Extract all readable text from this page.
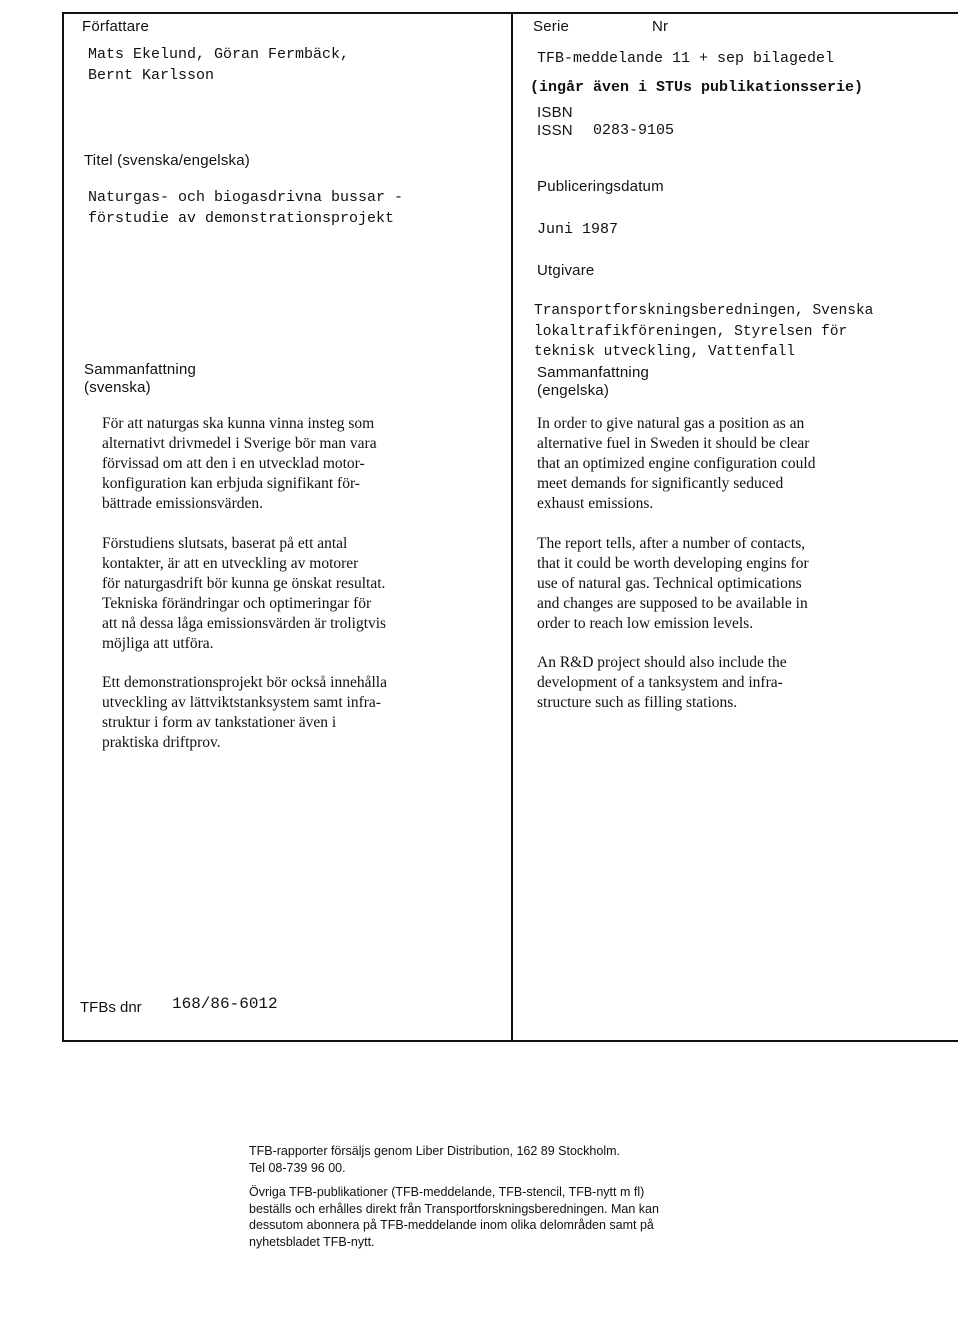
Författare
Mats Ekelund, Göran Fermbäck,
Bernt Karlsson
Titel (svenska/engelska)
Naturgas- och biogasdrivna bussar -
förstudie av demonstrationsprojekt
Sammanfattning
(svenska)
För att naturgas ska kunna vinna insteg som
alternativt drivmedel i Sverige bör man vara
förvissad om att den i en utvecklad motor-
konfiguration kan erbjuda signifikant för-
bättrade emissionsvärden.
Förstudiens slutsats, baserat på ett antal
kontakter, är att en utveckling av motorer
för naturgasdrift bör kunna ge önskat resultat.
Tekniska förändringar och optimeringar för
att nå dessa låga emissionsvärden är troligtvis
möjliga att utföra.
Ett demonstrationsprojekt bör också innehålla
utveckling av lättviktstanksystem samt infra-
struktur i form av tankstationer även i
praktiska driftprov.
TFBs dnr 168/86-6012
Serie	Nr
TFB-meddelande 11 + sep bilagedel
(ingår även i STUs publikationsserie)
ISBN
ISSN 0283-9105
Publiceringsdatum
Juni 1987
Utgivare
Transportforskningsberedningen, Svenska
lokaltrafikföreningen, Styrelsen för
teknisk utveckling, Vattenfall
Sammanfattning
(engelska)
In order to give natural gas a position as an
alternative fuel in Sweden it should be clear
that an optimized engine configuration could
meet demands for significantly seduced
exhaust emissions.
The report tells, after a number of contacts,
that it could be worth developing engins for
use of natural gas. Technical optimications
and changes are supposed to be available in
order to reach low emission levels.
An R&D project should also include the
development of a tanksystem and infra-
structure such as filling stations.
TFB-rapporter försäljs genom Liber Distribution, 162 89 Stockholm.
Tel 08-739 96 00.
Övriga TFB-publikationer (TFB-meddelande, TFB-stencil, TFB-nytt m fl)
beställs och erhålles direkt från Transportforskningsberedningen. Man kan
dessutom abonnera på TFB-meddelande inom olika delområden samt på
nyhetsbladet TFB-nytt.
